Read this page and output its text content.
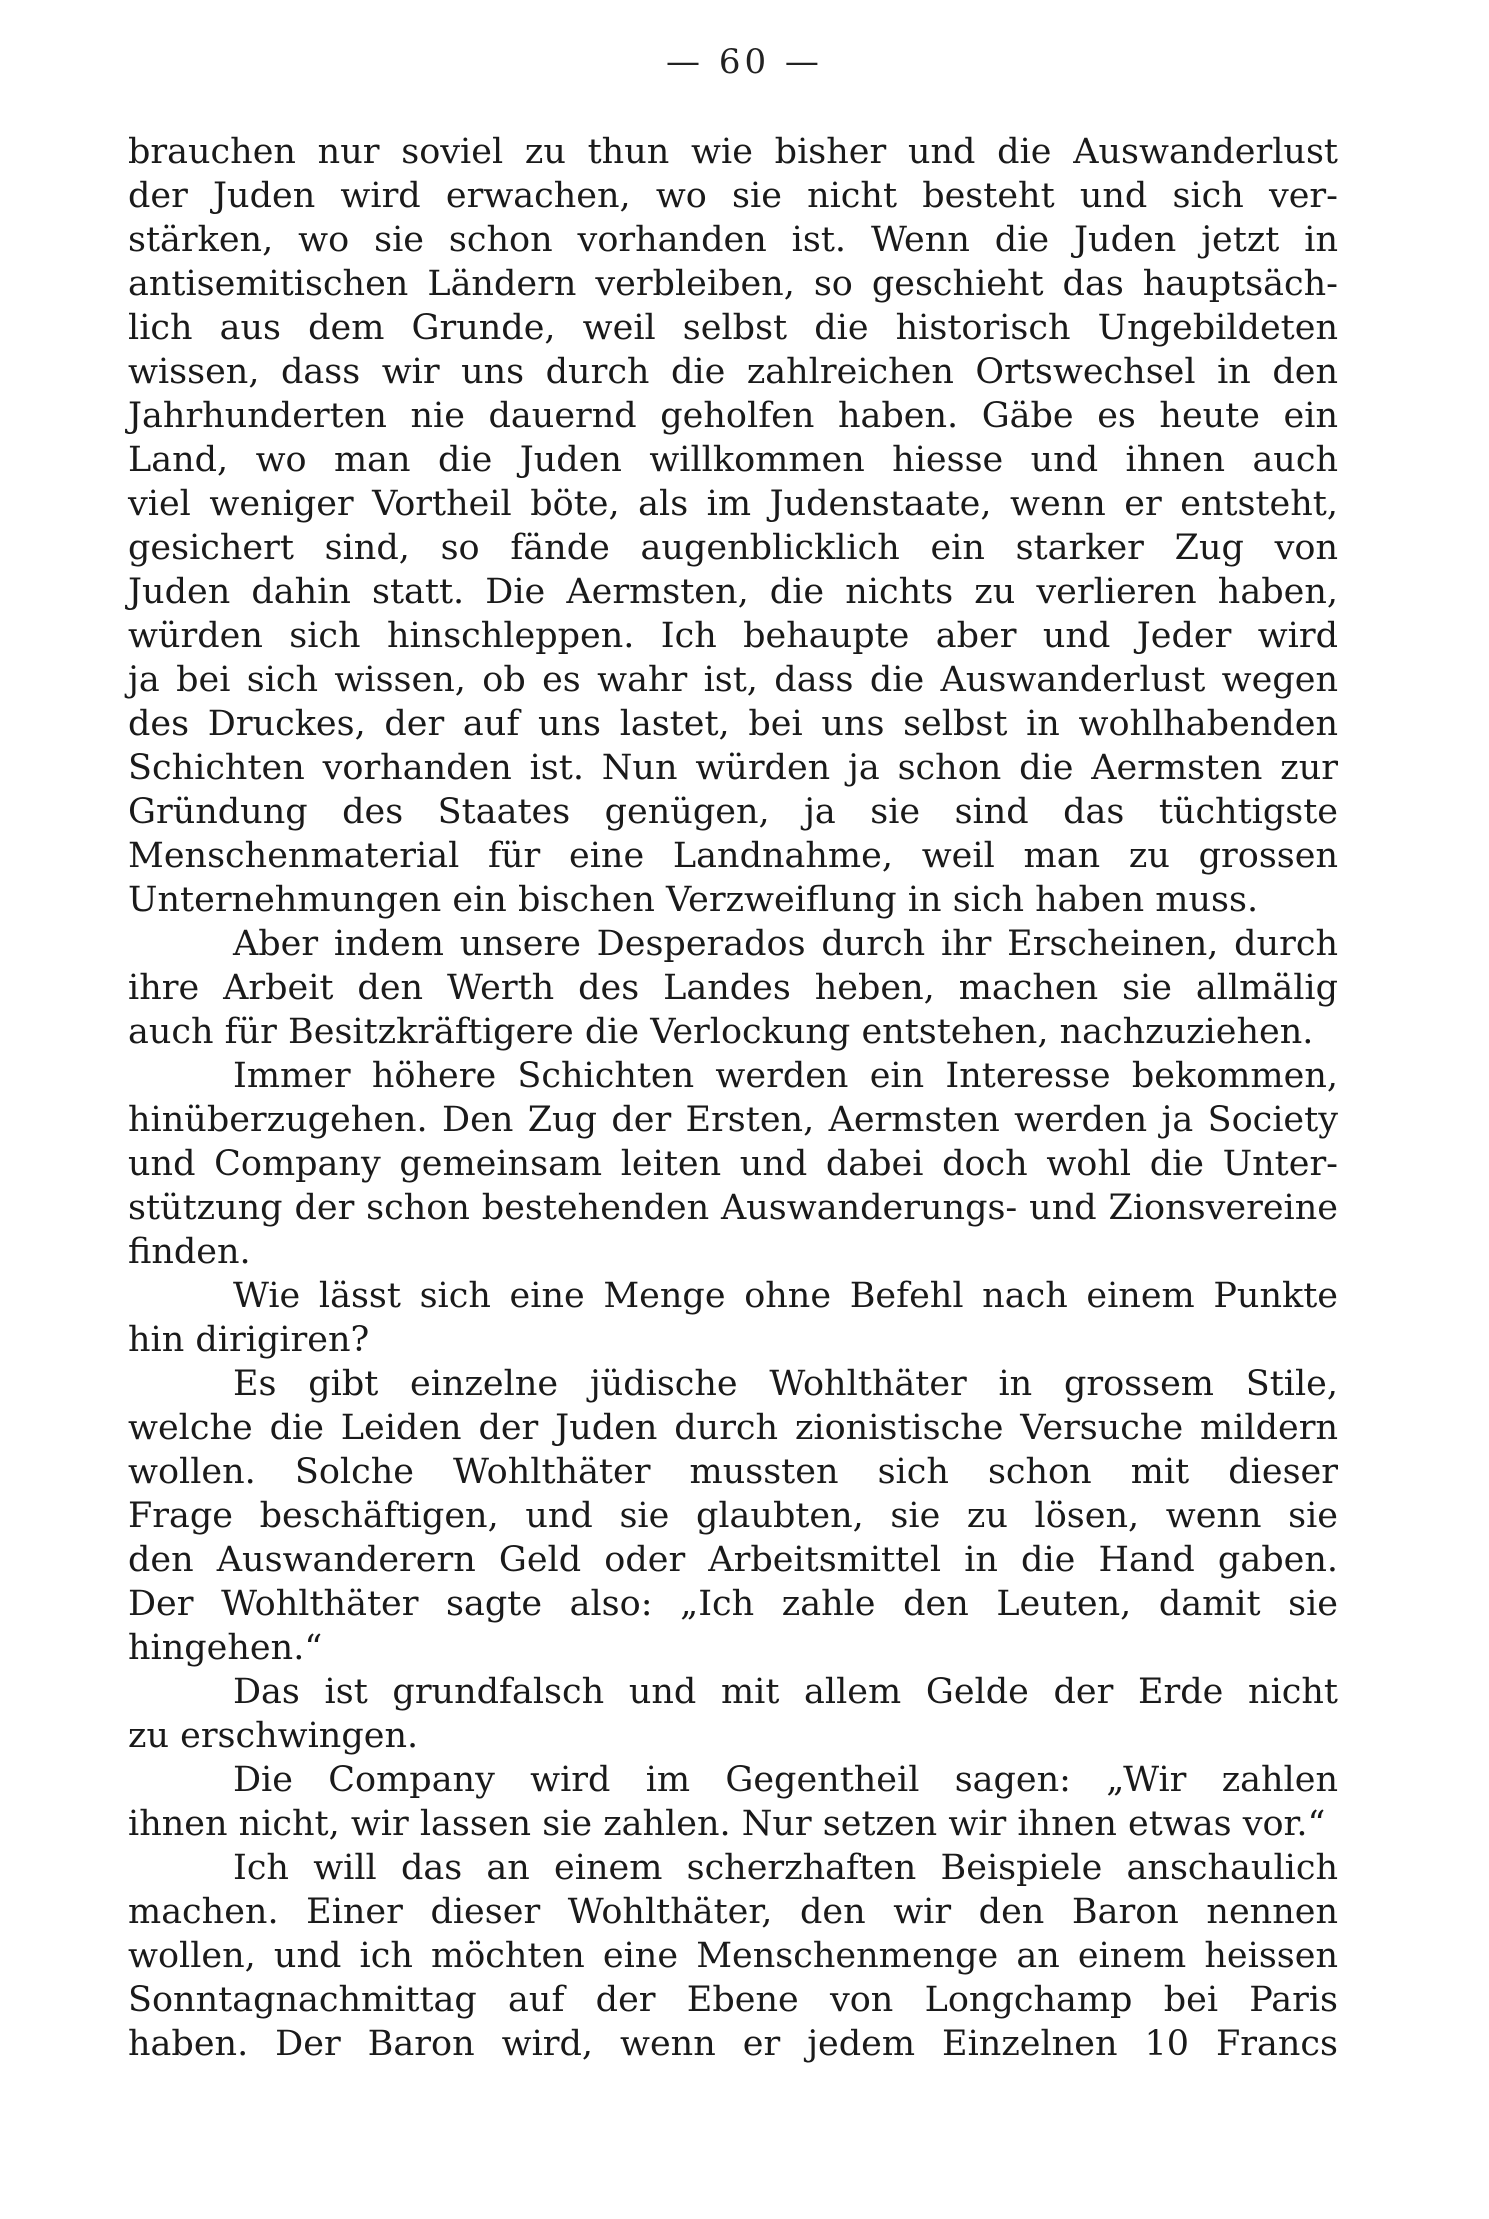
— 60 —
brauchen nur soviel zu thun wie bisher und die Auswanderlust
der Juden wird erwachen, wo sie nicht besteht und sich ver-
stärken, wo sie schon vorhanden ist. Wenn die Juden jetzt in
antisemitischen Ländern verbleiben, so geschieht das hauptsäch-
lich aus dem Grunde, weil selbst die historisch Ungebildeten
wissen, dass wir uns durch die zahlreichen Ortswechsel in den
Jahrhunderten nie dauernd geholfen haben. Gäbe es heute ein
Land, wo man die Juden willkommen hiesse und ihnen auch
viel weniger Vortheil böte, als im Judenstaate, wenn er entsteht,
gesichert sind, so fände augenblicklich ein starker Zug von
Juden dahin statt. Die Aermsten, die nichts zu verlieren haben,
würden sich hinschleppen. Ich behaupte aber und Jeder wird
ja bei sich wissen, ob es wahr ist, dass die Auswanderlust wegen
des Druckes, der auf uns lastet, bei uns selbst in wohlhabenden
Schichten vorhanden ist. Nun würden ja schon die Aermsten zur
Gründung des Staates genügen, ja sie sind das tüchtigste
Menschenmaterial für eine Landnahme, weil man zu grossen
Unternehmungen ein bischen Verzweiflung in sich haben muss.
Aber indem unsere Desperados durch ihr Erscheinen, durch
ihre Arbeit den Werth des Landes heben, machen sie allmälig
auch für Besitzkräftigere die Verlockung entstehen, nachzuziehen.
Immer höhere Schichten werden ein Interesse bekommen,
hinüberzugehen. Den Zug der Ersten, Aermsten werden ja Society
und Company gemeinsam leiten und dabei doch wohl die Unter-
stützung der schon bestehenden Auswanderungs- und Zionsvereine
finden.
Wie lässt sich eine Menge ohne Befehl nach einem Punkte
hin dirigiren?
Es gibt einzelne jüdische Wohlthäter in grossem Stile,
welche die Leiden der Juden durch zionistische Versuche mildern
wollen. Solche Wohlthäter mussten sich schon mit dieser
Frage beschäftigen, und sie glaubten, sie zu lösen, wenn sie
den Auswanderern Geld oder Arbeitsmittel in die Hand gaben.
Der Wohlthäter sagte also: „Ich zahle den Leuten, damit sie
hingehen.“
Das ist grundfalsch und mit allem Gelde der Erde nicht
zu erschwingen.
Die Company wird im Gegentheil sagen: „Wir zahlen
ihnen nicht, wir lassen sie zahlen. Nur setzen wir ihnen etwas vor.“
Ich will das an einem scherzhaften Beispiele anschaulich
machen. Einer dieser Wohlthäter, den wir den Baron nennen
wollen, und ich möchten eine Menschenmenge an einem heissen
Sonntagnachmittag auf der Ebene von Longchamp bei Paris
haben. Der Baron wird, wenn er jedem Einzelnen 10 Francs
